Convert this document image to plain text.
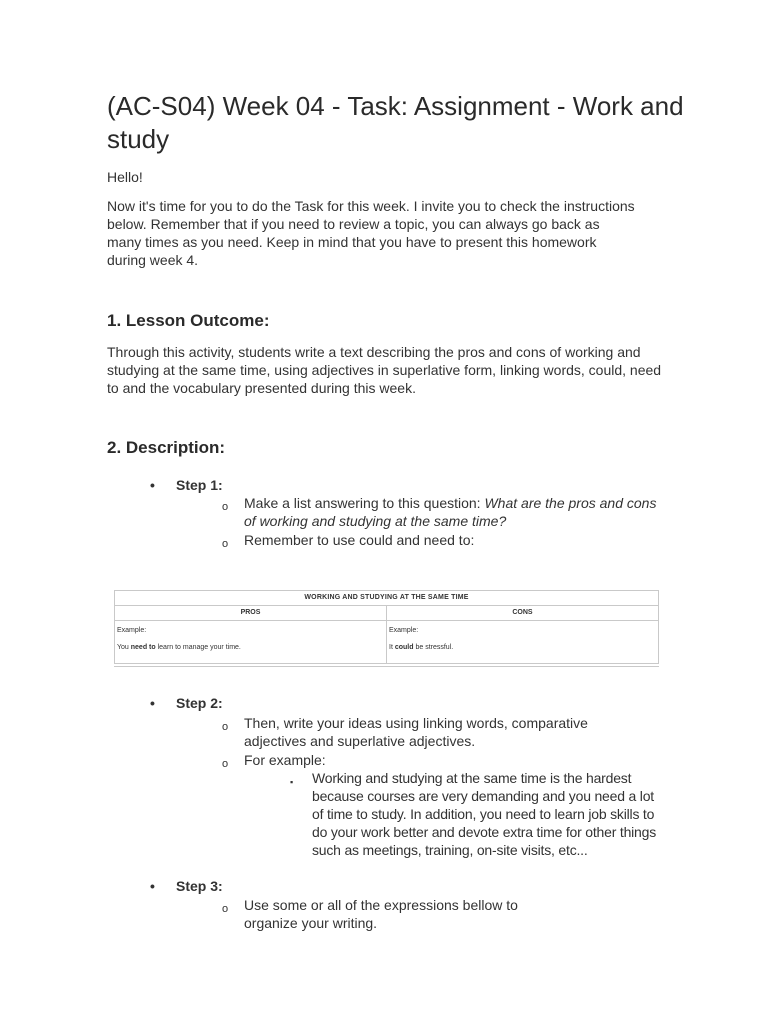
(AC-S04) Week 04 - Task: Assignment - Work and study
Hello!
Now it's time for you to do the Task for this week. I invite you to check the instructions below. Remember that if you need to review a topic, you can always go back as many times as you need. Keep in mind that you have to present this homework during week 4.
1. Lesson Outcome:
Through this activity, students write a text describing the pros and cons of working and studying at the same time, using adjectives in superlative form, linking words, could, need to and the vocabulary presented during this week.
2. Description:
• Step 1:
o Make a list answering to this question: What are the pros and cons of working and studying at the same time?
o Remember to use could and need to:
WORKING AND STUDYING AT THE SAME TIME
PROS	CONS
Example:
You need to learn to manage your time.
Example:
It could be stressful.
• Step 2:
o Then, write your ideas using linking words, comparative adjectives and superlative adjectives.
o For example:
▪ Working and studying at the same time is the hardest because courses are very demanding and you need a lot of time to study. In addition, you need to learn job skills to do your work better and devote extra time for other things such as meetings, training, on-site visits, etc...
• Step 3:
o Use some or all of the expressions bellow to organize your writing.
